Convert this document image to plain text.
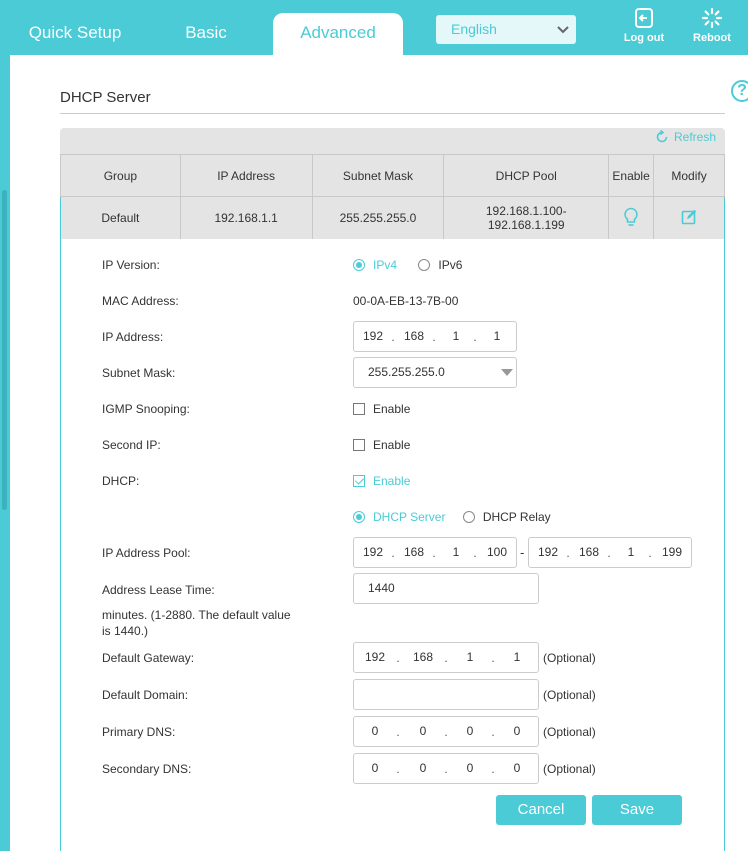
Quick Setup	Basic	Advanced	English
Log out	Reboot
?
DHCP Server
Refresh
Group	IP Address	Subnet Mask	DHCP Pool	Enable	Modify
Default	192.168.1.1	255.255.255.0	192.168.1.100-
192.168.1.199

IP Version:	IPv4	IPv6
MAC Address:	00-0A-EB-13-7B-00
IP Address:	192 . 168 .	1	.	1
Subnet Mask:	255.255.255.0
IGMP Snooping:	Enable
Second IP:	Enable
DHCP:	Enable
DHCP Server	DHCP Relay
IP Address Pool:	192 . 168 .	1	. 100 -	192 . 168 .	1	. 199
Address Lease Time:	1440
minutes. (1-2880. The default value is 1440.)
Default Gateway:	192 .	168 .	1	.	1	(Optional)
Default Domain:	(Optional)
Primary DNS:	0	.	0	.	0	.	0	(Optional)
Secondary DNS:	0	.	0	.	0	.	0	(Optional)
Cancel	Save
